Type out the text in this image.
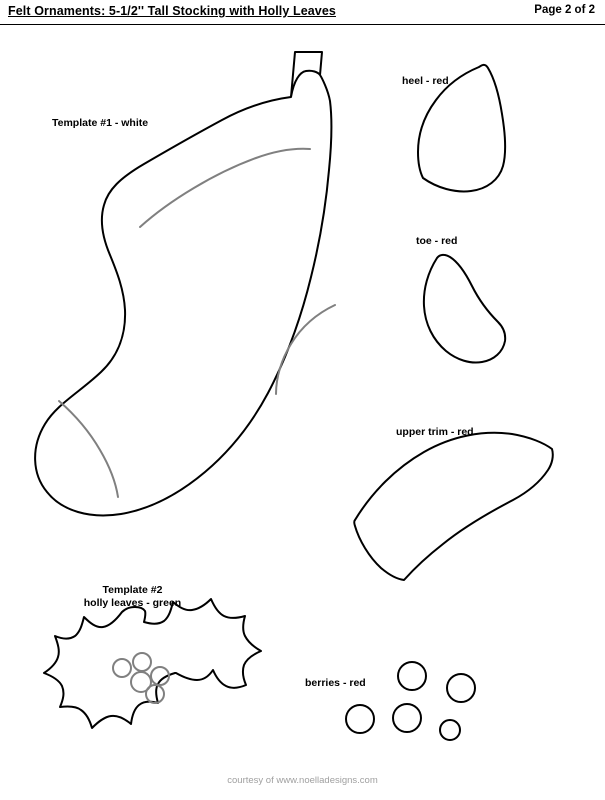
Felt Ornaments: 5-1/2'' Tall Stocking with Holly Leaves	Page 2 of 2
Template #1 - white
heel - red
toe - red
upper trim - red
berries - red
Template #2
holly leaves - green
courtesy of www.noelladesigns.com
